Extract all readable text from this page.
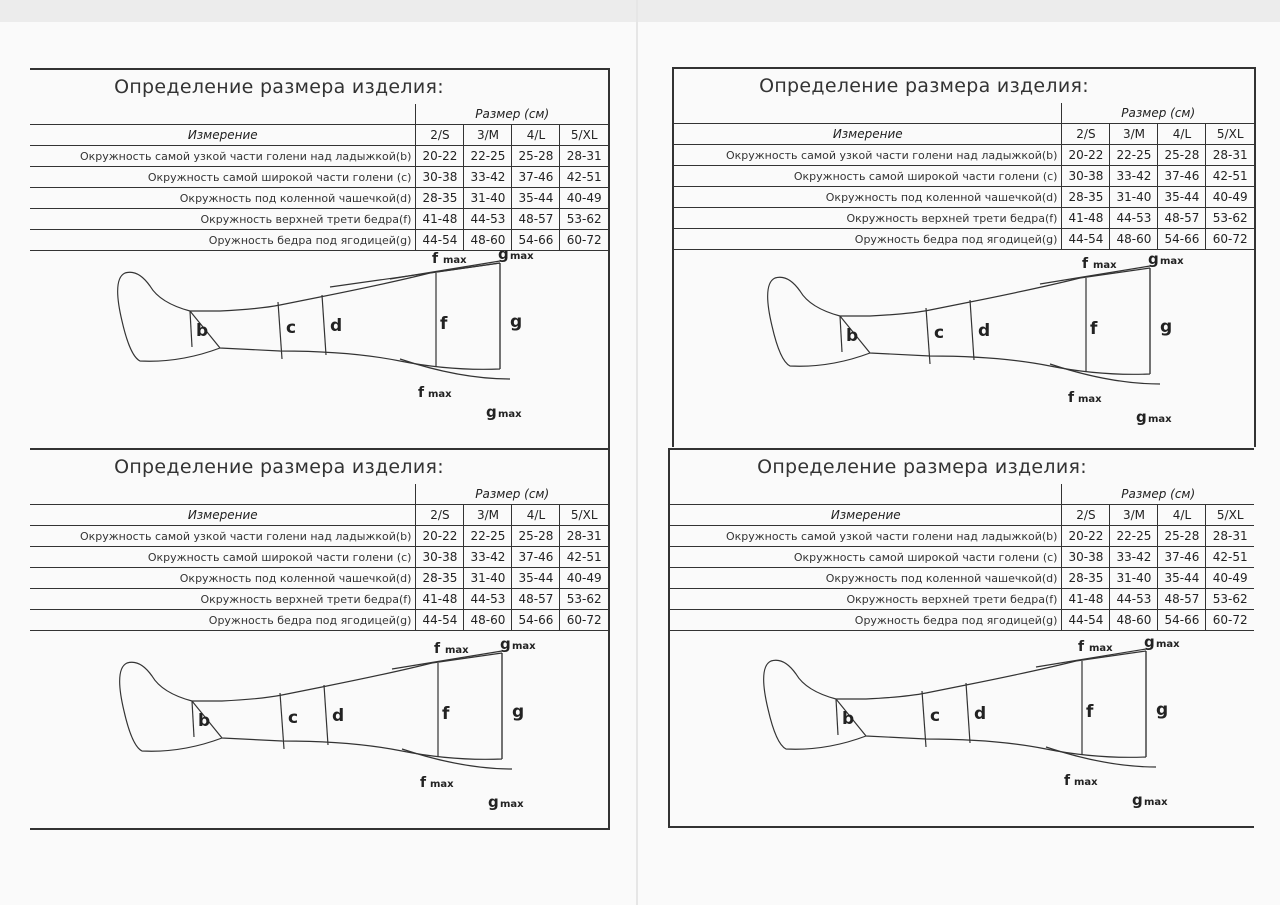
Определение размера изделия:
	Размер (см)			
Измерение	2/S	3/M	4/L	5/XL
Окружность самой узкой части голени над ладыжкой(b)	20-22	22-25	25-28	28-31
Окружность самой широкой части голени (c)	30-38	33-42	37-46	42-51
Окружность под коленной чашечкой(d)	28-35	31-40	35-44	40-49
Окружность верхней трети бедра(f)	41-48	44-53	48-57	53-62
Оружность бедра под ягодицей(g)	44-54	48-60	54-66	60-72
b	c d	f	g
f max g max
f max
g max
Определение размера изделия:
	Размер (см)			
Измерение	2/S	3/M	4/L	5/XL
Окружность самой узкой части голени над ладыжкой(b)	20-22	22-25	25-28	28-31
Окружность самой широкой части голени (c)	30-38	33-42	37-46	42-51
Окружность под коленной чашечкой(d)	28-35	31-40	35-44	40-49
Окружность верхней трети бедра(f)	41-48	44-53	48-57	53-62
Оружность бедра под ягодицей(g)	44-54	48-60	54-66	60-72
b	c d	f	g
f max g max
f max
g max
Определение размера изделия:
	Размер (см)			
Измерение	2/S	3/M	4/L	5/XL
Окружность самой узкой части голени над ладыжкой(b)	20-22	22-25	25-28	28-31
Окружность самой широкой части голени (c)	30-38	33-42	37-46	42-51
Окружность под коленной чашечкой(d)	28-35	31-40	35-44	40-49
Окружность верхней трети бедра(f)	41-48	44-53	48-57	53-62
Оружность бедра под ягодицей(g)	44-54	48-60	54-66	60-72
b	c d	f	g
f max g max
f max
g max
Определение размера изделия:
	Размер (см)			
Измерение	2/S	3/M	4/L	5/XL
Окружность самой узкой части голени над ладыжкой(b)	20-22	22-25	25-28	28-31
Окружность самой широкой части голени (c)	30-38	33-42	37-46	42-51
Окружность под коленной чашечкой(d)	28-35	31-40	35-44	40-49
Окружность верхней трети бедра(f)	41-48	44-53	48-57	53-62
Оружность бедра под ягодицей(g)	44-54	48-60	54-66	60-72
b	c d	f	g
f max g max
f max
g max
